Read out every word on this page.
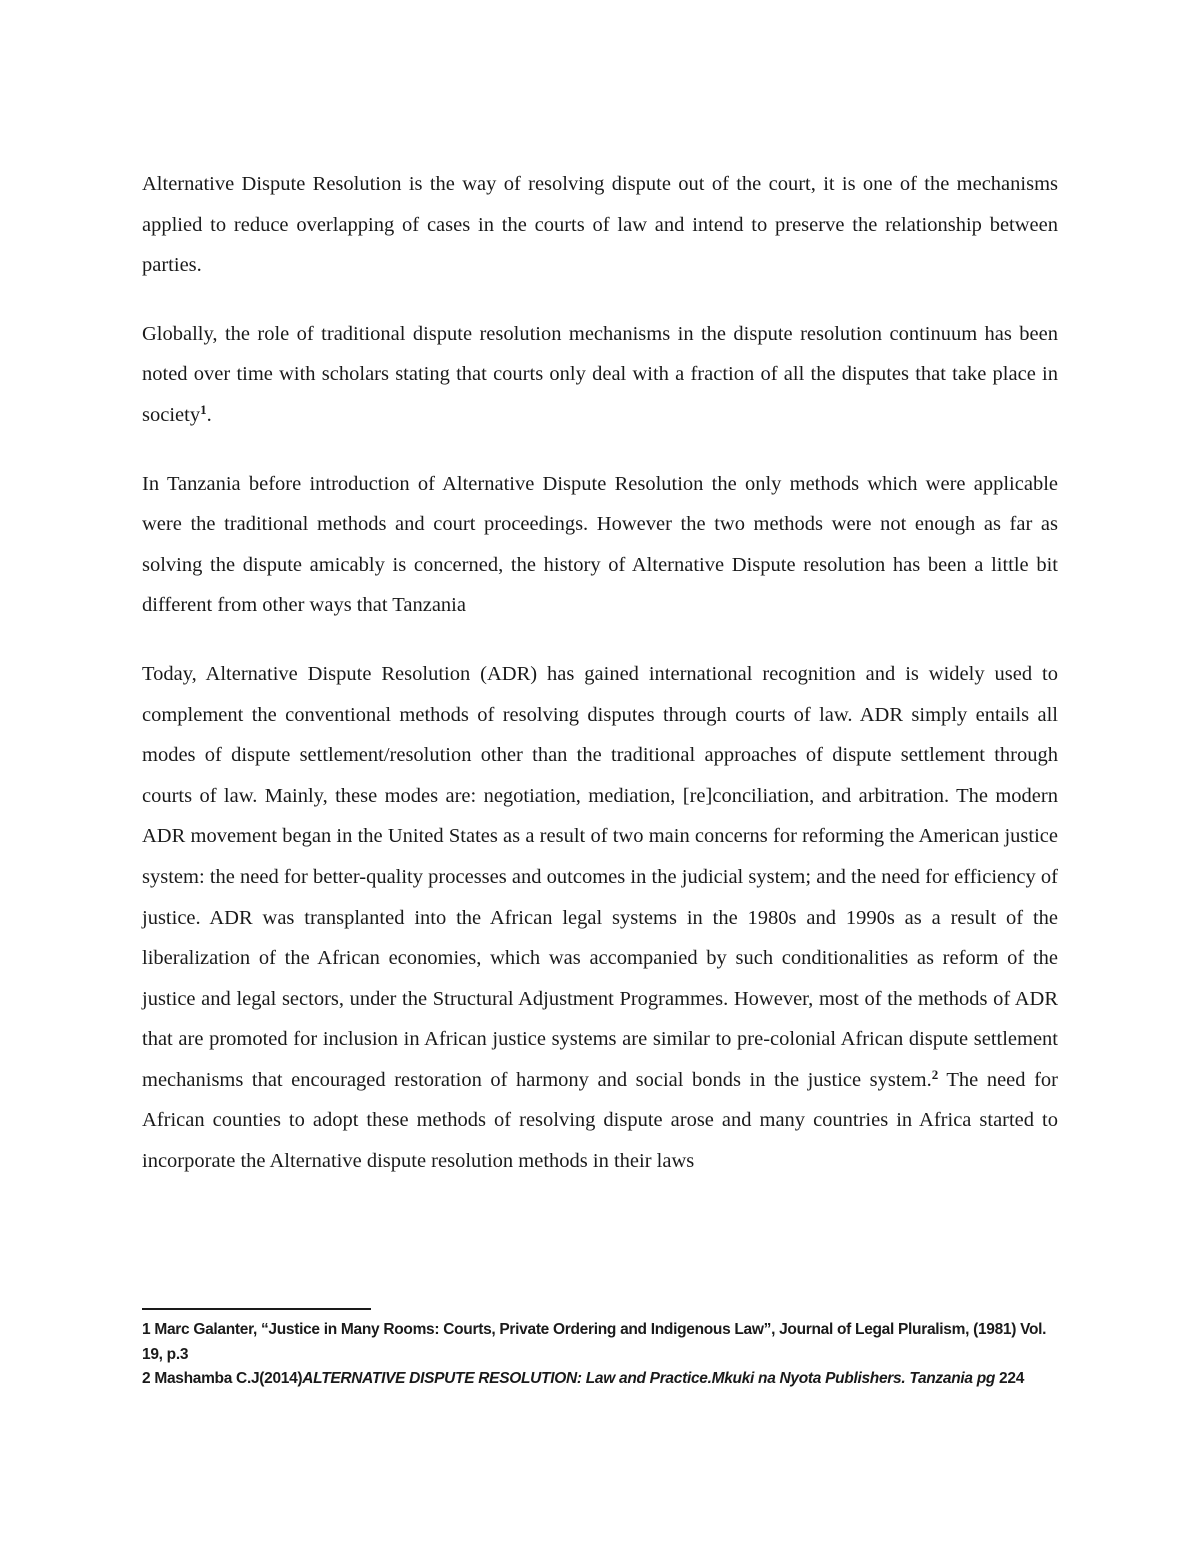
Alternative Dispute Resolution is the way of resolving dispute out of the court, it is one of the mechanisms applied to reduce overlapping of cases in the courts of law and intend to preserve the relationship between parties.

Globally, the role of traditional dispute resolution mechanisms in the dispute resolution continuum has been noted over time with scholars stating that courts only deal with a fraction of all the disputes that take place in society$^1$.

In Tanzania before introduction of Alternative Dispute Resolution the only methods which were applicable were the traditional methods and court proceedings. However the two methods were not enough as far as solving the dispute amicably is concerned, the history of Alternative Dispute resolution has been a little bit different from other ways that Tanzania

Today, Alternative Dispute Resolution (ADR) has gained international recognition and is widely used to complement the conventional methods of resolving disputes through courts of law. ADR simply entails all modes of dispute settlement/resolution other than the traditional approaches of dispute settlement through courts of law. Mainly, these modes are: negotiation, mediation, [re]conciliation, and arbitration. The modern ADR movement began in the United States as a result of two main concerns for reforming the American justice system: the need for better-quality processes and outcomes in the judicial system; and the need for efficiency of justice. ADR was transplanted into the African legal systems in the 1980s and 1990s as a result of the liberalization of the African economies, which was accompanied by such conditionalities as reform of the justice and legal sectors, under the Structural Adjustment Programmes. However, most of the methods of ADR that are promoted for inclusion in African justice systems are similar to pre-colonial African dispute settlement mechanisms that encouraged restoration of harmony and social bonds in the justice system.$^2$ The need for African counties to adopt these methods of resolving dispute arose and many countries in Africa started to incorporate the Alternative dispute resolution methods in their laws

1 Marc Galanter, “Justice in Many Rooms: Courts, Private Ordering and Indigenous Law”, Journal of Legal Pluralism, (1981) Vol. 19, p.3

2 Mashamba C.J(2014)ALTERNATIVE DISPUTE RESOLUTION: Law and Practice.Mkuki na Nyota Publishers. Tanzania pg 224
